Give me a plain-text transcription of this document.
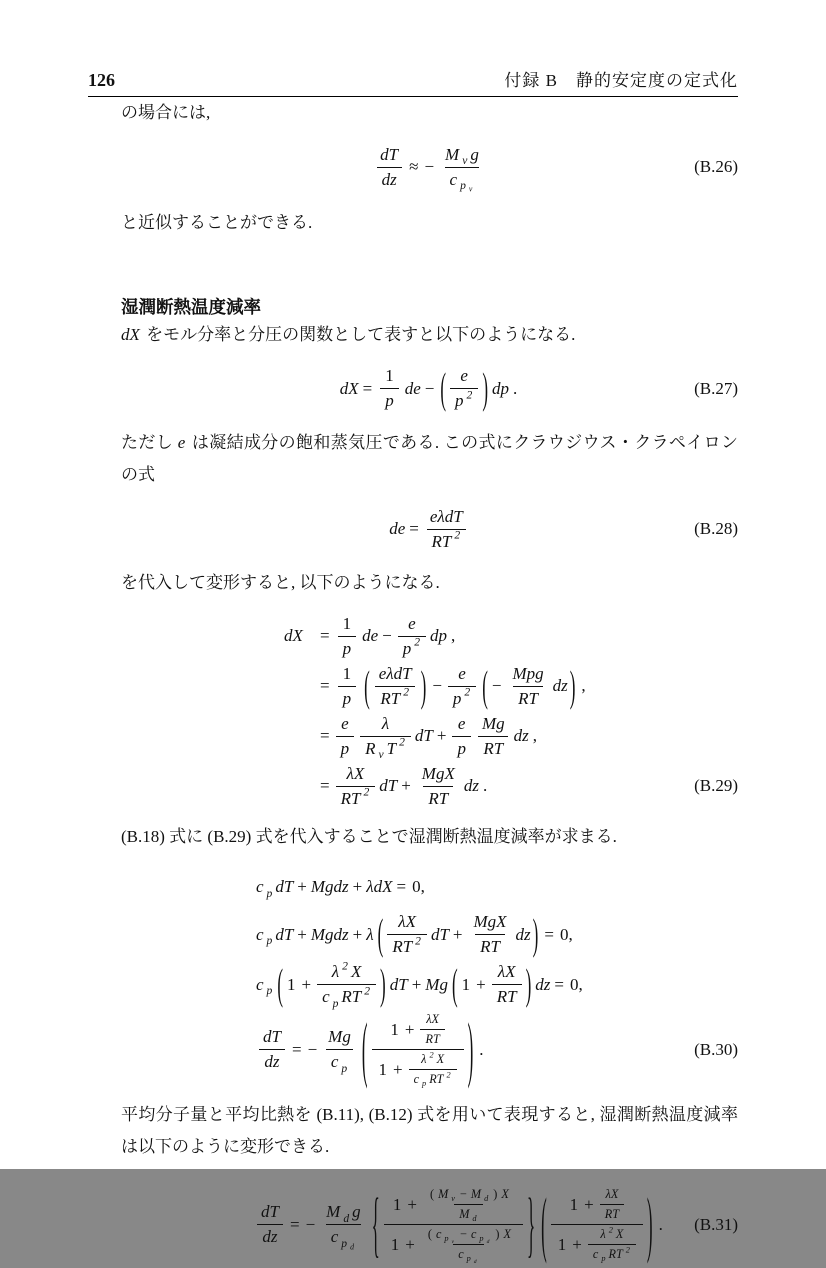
126	付録 B　静的安定度の定式化

の場合には,

$\frac{dT}{dz}$ ≈ −
M v g
c p v
(B.26)

と近似することができる.

湿潤断熱温度減率

dX をモル分率と分圧の関数として表すと以下のようになる.

dX = $\frac{1}{p}$ de − ( e
p 2 ) dp .	(B.27)

ただし e は凝結成分の飽和蒸気圧である. この式にクラウジウス・クラペイロンの式

de =
eλdT
RT 2	(B.28)

を代入して変形すると, 以下のようになる.

dX = $\frac{1}{p}$ de − $\frac{e}{p 2}$ dp ,
= $\frac{1}{p}$ ( eλdT
RT 2 ) − $\frac{e}{p 2}$ ( −
Mpg
RT
dz ) ,
= $\frac{e}{p}$ λ
R v T 2 dT + $\frac{e}{p}$ Mg
RT
dz ,
= $\frac{\lambda X}{RT 2}$ dT +
MgX
RT
dz .	(B.29)

(B.18) 式に (B.29) 式を代入することで湿潤断熱温度減率が求まる.

c p dT + Mgdz + λdX = 0,
c p dT + Mgdz + λ ( λX
RT 2 dT +
MgX
RT
dz ) = 0,
c p ( 1 +
λ 2 X
c p RT 2 ) dT + Mg ( $1 + \frac{\lambda X}{RT}$ ) dz = 0,
$\frac{dT}{dz}$ = − $\frac{Mg}{\text{c p}}$ ( $1 + \frac{\lambda X}{RT}$
1 +
λ 2 X
c p RT 2 ) .	(B.30)

平均分子量と平均比熱を (B.11), (B.12) 式を用いて表現すると, 湿潤断熱温度減率は以下のように変形できる.

$\frac{dT}{dz}$ = −
M d g
c p d { $1 + \frac{\text{( M v − M d ) X}}{\text{M d}}$
1 +
( c p v
− c p d
) X
c p d	} ( $1 + \frac{\lambda X}{RT}$
1 +
λ 2 X
c p RT 2 ) . (B.31)
